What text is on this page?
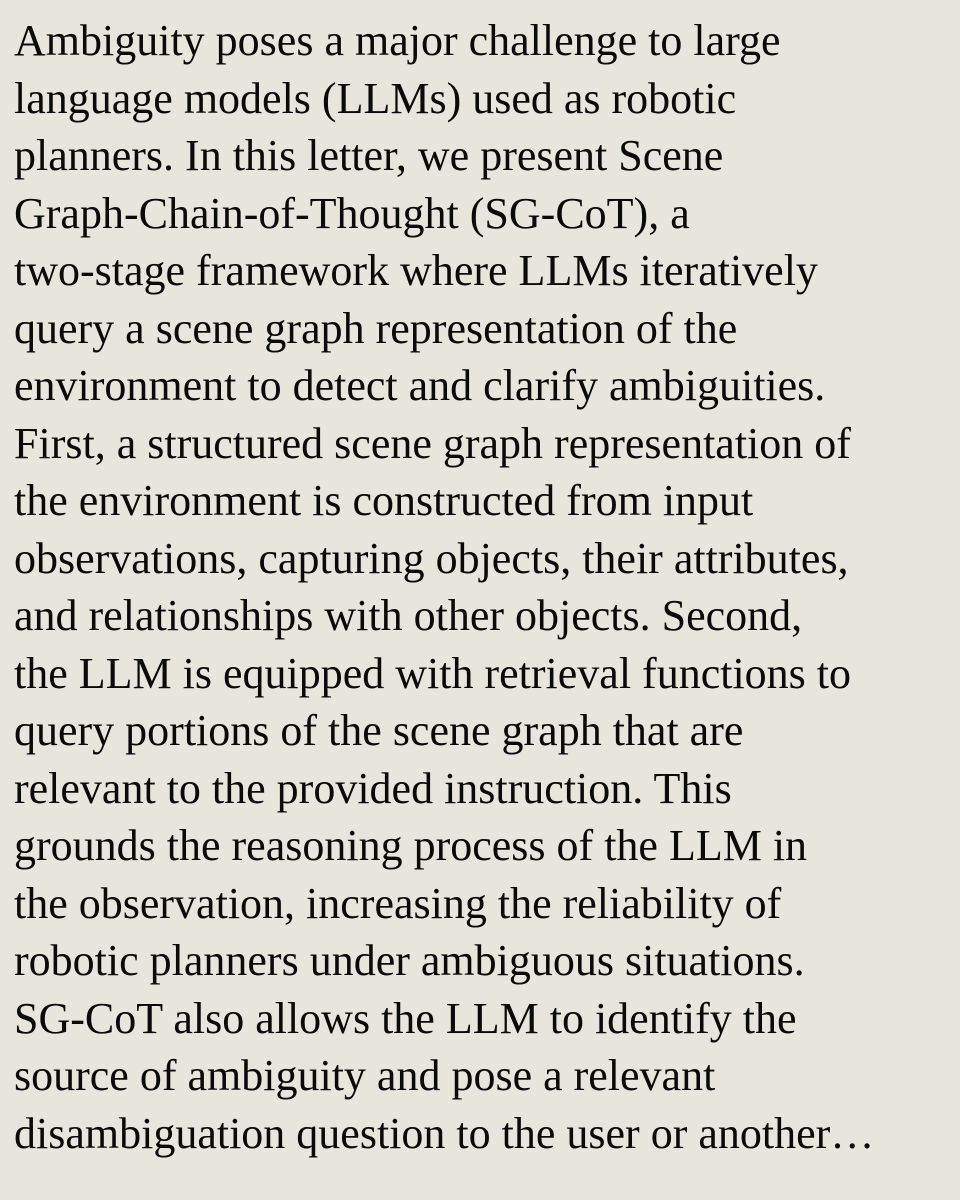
Ambiguity poses a major challenge to large
language models (LLMs) used as robotic
planners. In this letter, we present Scene
Graph-Chain-of-Thought (SG-CoT), a
two-stage framework where LLMs iteratively
query a scene graph representation of the
environment to detect and clarify ambiguities.
First, a structured scene graph representation of
the environment is constructed from input
observations, capturing objects, their attributes,
and relationships with other objects. Second,
the LLM is equipped with retrieval functions to
query portions of the scene graph that are
relevant to the provided instruction. This
grounds the reasoning process of the LLM in
the observation, increasing the reliability of
robotic planners under ambiguous situations.
SG-CoT also allows the LLM to identify the
source of ambiguity and pose a relevant
disambiguation question to the user or another…
